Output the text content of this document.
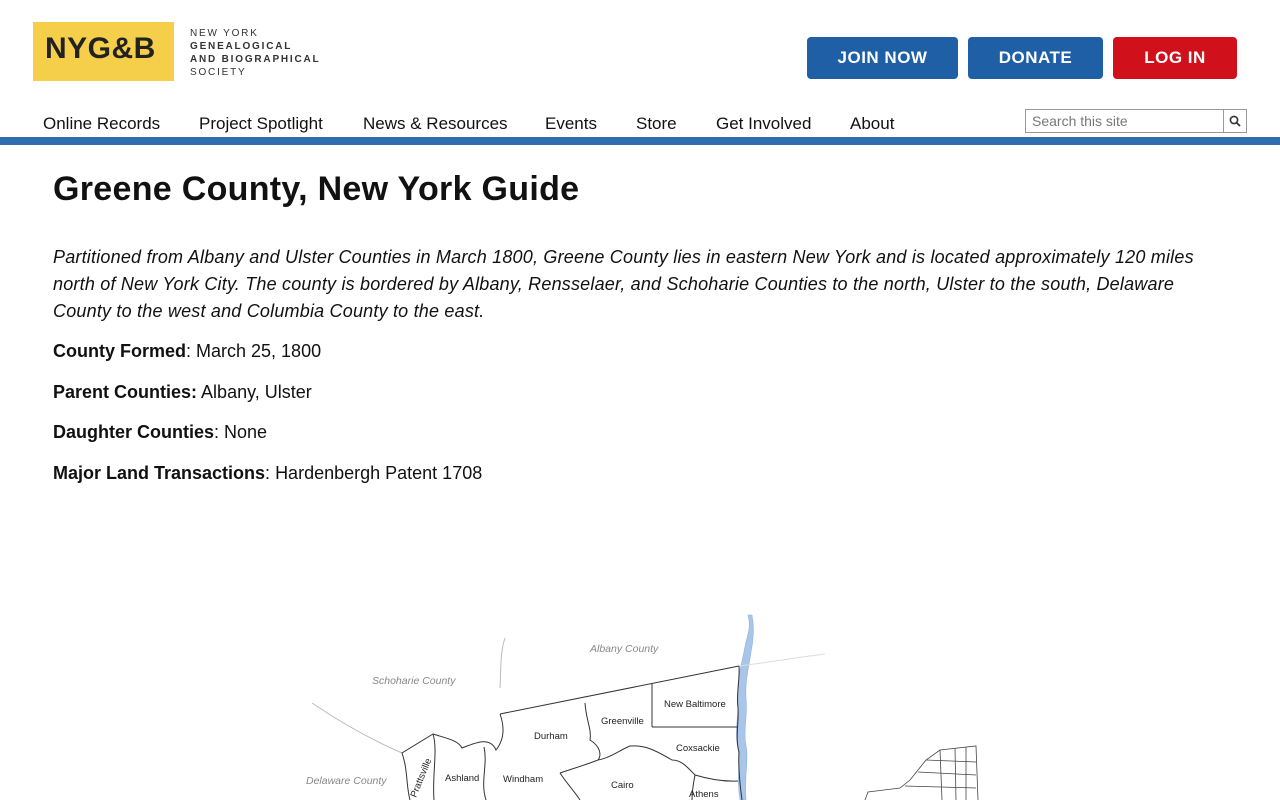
NYG&B	NEW YORK
GENEALOGICAL
AND BIOGRAPHICAL
SOCIETY
JOIN NOW	DONATE	LOG IN
Online Records Project Spotlight News & Resources Events Store Get Involved About
Search this site
Greene County, New York Guide

Partitioned from Albany and Ulster Counties in March 1800, Greene County lies in eastern New York and is located approximately 120 miles north of New York City. The county is bordered by Albany, Rensselaer, and Schoharie Counties to the north, Ulster to the south, Delaware County to the west and Columbia County to the east.

County Formed: March 25, 1800
Parent Counties: Albany, Ulster
Daughter Counties: None
Major Land Transactions: Hardenbergh Patent 1708
Albany County
Schoharie County
Delaware County
New Baltimore
Greenville
Durham
Coxsackie
Prattsville Ashland Windham
Cairo
Athens
